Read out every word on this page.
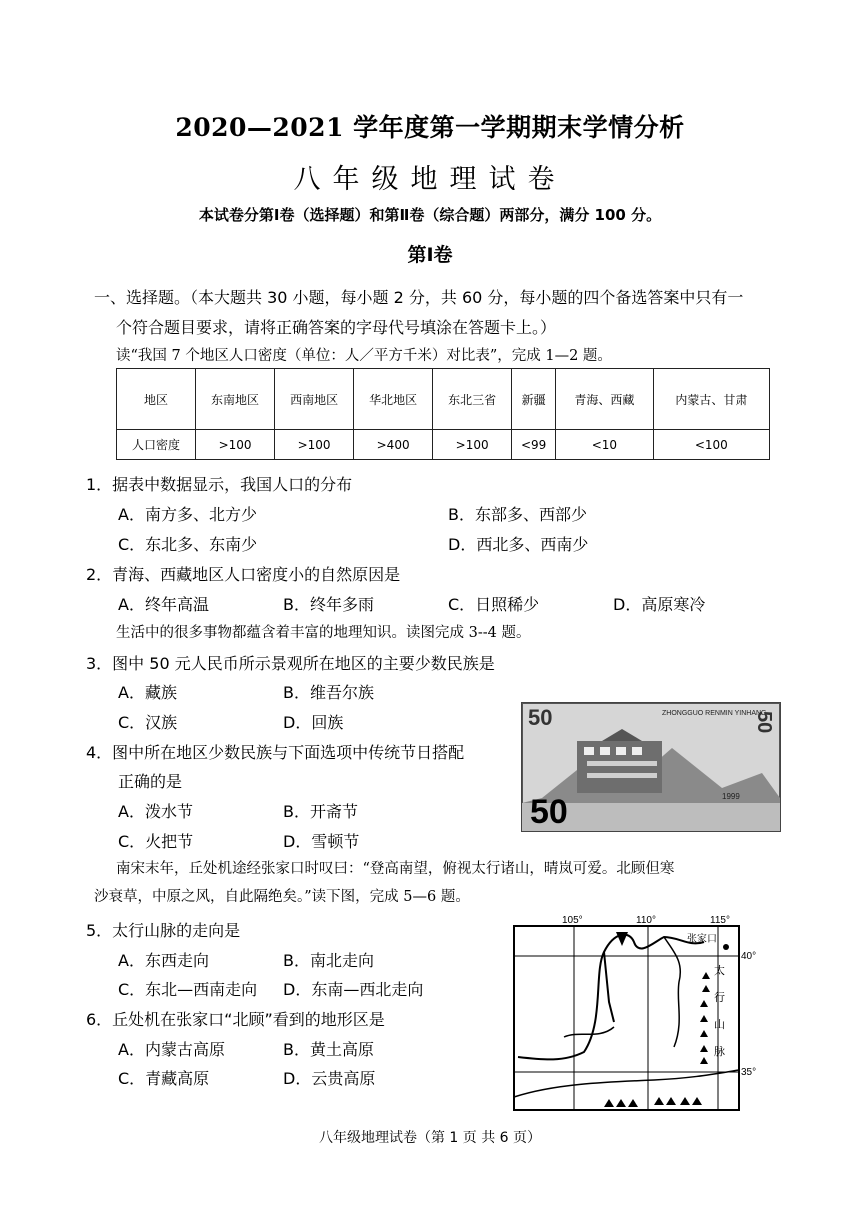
2020—2021 学年度第一学期期末学情分析
八年级地理试卷
本试卷分第Ⅰ卷（选择题）和第Ⅱ卷（综合题）两部分，满分 100 分。
第Ⅰ卷
一、选择题。（本大题共 30 小题，每小题 2 分，共 60 分，每小题的四个备选答案中只有一
个符合题目要求，请将正确答案的字母代号填涂在答题卡上。）
读“我国 7 个地区人口密度（单位：人／平方千米）对比表”，完成 1—2 题。
地区	东南地区	西南地区	华北地区	东北三省	新疆	青海、西藏	内蒙古、甘肃
人口密度	>100	>100	>400	>100	<99	<10	<100
1．据表中数据显示，我国人口的分布
A．南方多、北方少	B．东部多、西部少
C．东北多、东南少	D．西北多、西南少
2．青海、西藏地区人口密度小的自然原因是
A．终年高温	B．终年多雨	C．日照稀少	D．高原寒冷
生活中的很多事物都蕴含着丰富的地理知识。读图完成 3--4 题。
3．图中 50 元人民币所示景观所在地区的主要少数民族是
A．藏族	B．维吾尔族
C．汉族	D．回族
4．图中所在地区少数民族与下面选项中传统节日搭配
正确的是
A．泼水节	B．开斋节
C．火把节	D．雪顿节
50	ZHONGGUO RENMIN YINHANG
50
50	1999
南宋末年，丘处机途经张家口时叹曰：“登高南望，俯视太行诸山，晴岚可爱。北顾但寒
沙衰草，中原之风，自此隔绝矣。”读下图，完成 5—6 题。
5．太行山脉的走向是
A．东西走向	B．南北走向
C．东北—西南走向 D．东南—西北走向
6．丘处机在张家口“北顾”看到的地形区是
A．内蒙古高原	B．黄土高原
C．青藏高原	D．云贵高原
105°	110°	115°
40°
35°
张家口
太
行
山
脉
八年级地理试卷（第 1 页 共 6 页）
